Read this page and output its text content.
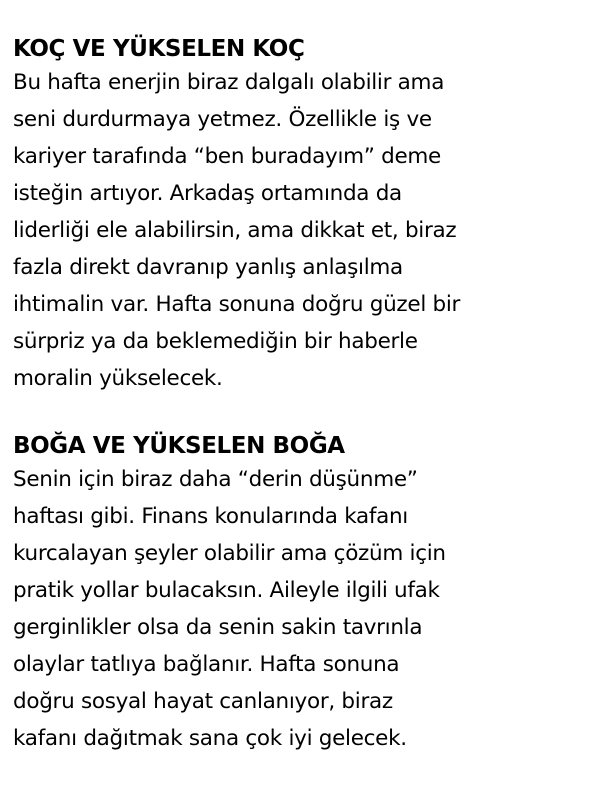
KOÇ VE YÜKSELEN KOÇ
Bu hafta enerjin biraz dalgalı olabilir ama
seni durdurmaya yetmez. Özellikle iş ve
kariyer tarafında “ben buradayım” deme
isteğin artıyor. Arkadaş ortamında da
liderliği ele alabilirsin, ama dikkat et, biraz
fazla direkt davranıp yanlış anlaşılma
ihtimalin var. Hafta sonuna doğru güzel bir
sürpriz ya da beklemediğin bir haberle
moralin yükselecek.
BOĞA VE YÜKSELEN BOĞA
Senin için biraz daha “derin düşünme”
haftası gibi. Finans konularında kafanı
kurcalayan şeyler olabilir ama çözüm için
pratik yollar bulacaksın. Aileyle ilgili ufak
gerginlikler olsa da senin sakin tavrınla
olaylar tatlıya bağlanır. Hafta sonuna
doğru sosyal hayat canlanıyor, biraz
kafanı dağıtmak sana çok iyi gelecek.
